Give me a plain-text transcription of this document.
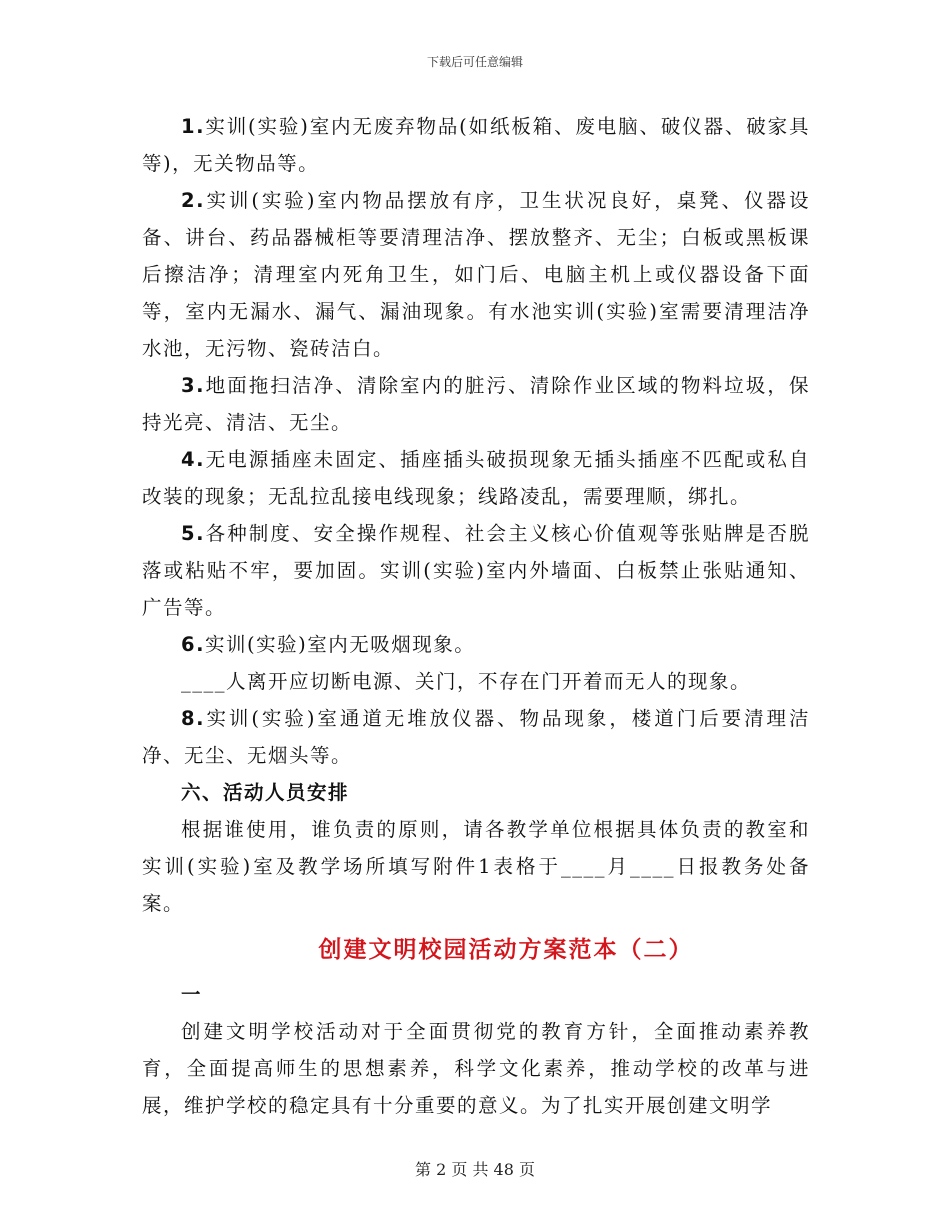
下载后可任意编辑

1.实训(实验)室内无废弃物品(如纸板箱、废电脑、破仪器、破家具等)，无关物品等。

2.实训(实验)室内物品摆放有序，卫生状况良好，桌凳、仪器设备、讲台、药品器械柜等要清理洁净、摆放整齐、无尘；白板或黑板课后擦洁净；清理室内死角卫生，如门后、电脑主机上或仪器设备下面等，室内无漏水、漏气、漏油现象。有水池实训(实验)室需要清理洁净水池，无污物、瓷砖洁白。

3.地面拖扫洁净、清除室内的脏污、清除作业区域的物料垃圾，保持光亮、清洁、无尘。

4.无电源插座未固定、插座插头破损现象无插头插座不匹配或私自改装的现象；无乱拉乱接电线现象；线路凌乱，需要理顺，绑扎。

5.各种制度、安全操作规程、社会主义核心价值观等张贴牌是否脱落或粘贴不牢，要加固。实训(实验)室内外墙面、白板禁止张贴通知、广告等。

6.实训(实验)室内无吸烟现象。

____人离开应切断电源、关门，不存在门开着而无人的现象。

8.实训(实验)室通道无堆放仪器、物品现象，楼道门后要清理洁净、无尘、无烟头等。

六、活动人员安排

根据谁使用，谁负责的原则，请各教学单位根据具体负责的教室和实训(实验)室及教学场所填写附件1表格于____月____日报教务处备案。

创建文明校园活动方案范本（二）

一

创建文明学校活动对于全面贯彻党的教育方针，全面推动素养教育，全面提高师生的思想素养，科学文化素养，推动学校的改革与进展，维护学校的稳定具有十分重要的意义。为了扎实开展创建文明学

第 2 页 共 48 页
